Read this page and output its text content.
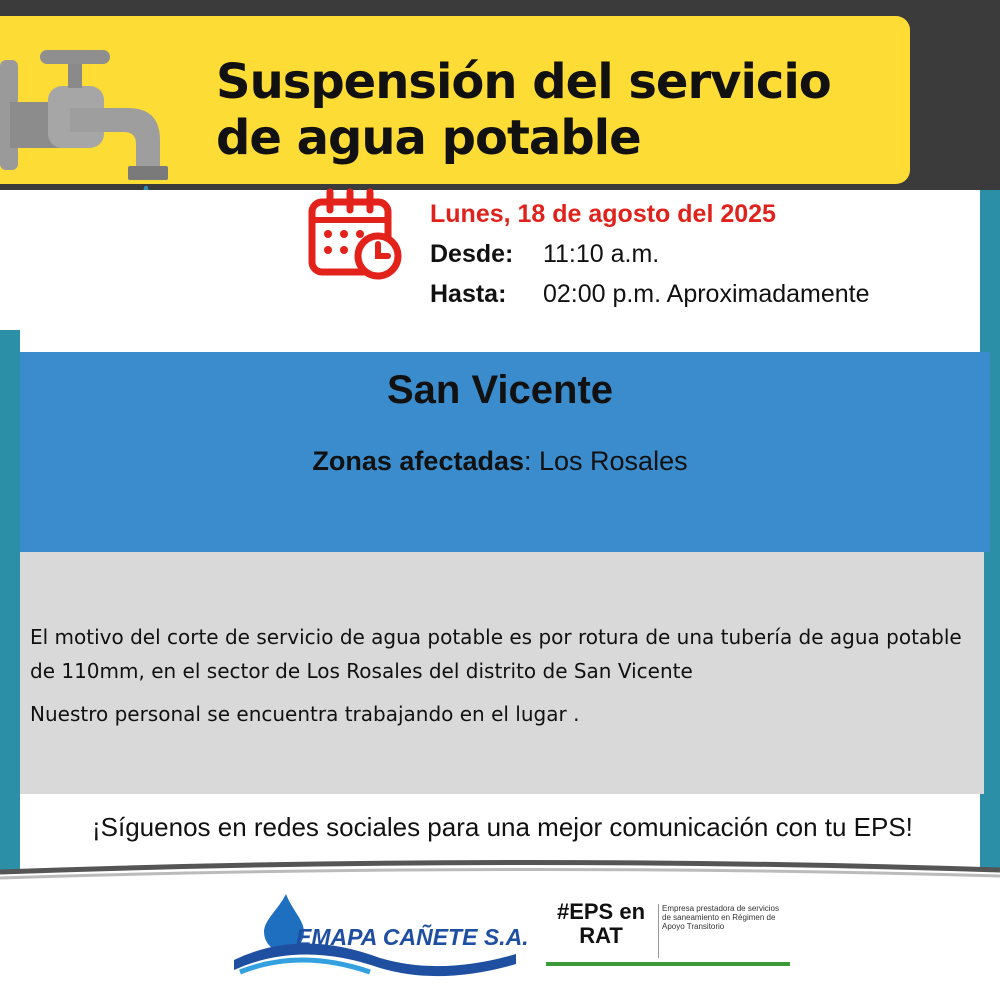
Suspensión del servicio de agua potable
Lunes, 18 de agosto del 2025
Desde: 11:10 a.m.
Hasta: 02:00 p.m. Aproximadamente
San Vicente
Zonas afectadas: Los Rosales
El motivo del corte de servicio de agua potable es por rotura de una tubería de agua potable de 110mm, en el sector de Los Rosales del distrito de San Vicente
Nuestro personal se encuentra trabajando en el lugar .
¡Síguenos en redes sociales para una mejor comunicación con tu EPS!
EMAPA CAÑETE S.A.
#EPS en RAT
Empresa prestadora de servicios de saneamiento en Régimen de Apoyo Transitorio
